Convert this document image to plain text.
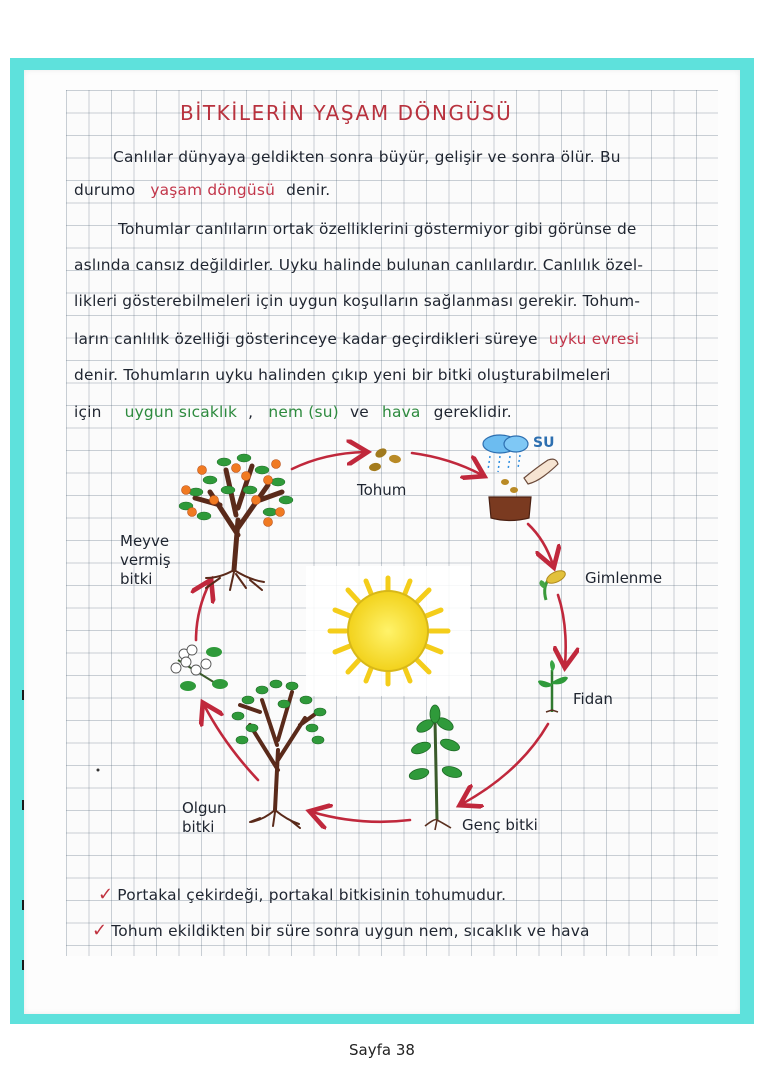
BİTKİLERİN YAŞAM DÖNGÜSÜ
Canlılar dünyaya geldikten sonra büyür, gelişir ve sonra ölür. Bu
durumo yaşam döngüsü denir.
Tohumlar canlıların ortak özelliklerini göstermiyor gibi görünse de
aslında cansız değildirler. Uyku halinde bulunan canlılardır. Canlılık özel-
likleri gösterebilmeleri için uygun koşulların sağlanması gerekir. Tohum-
ların canlılık özelliği gösterinceye kadar geçirdikleri süreye uyku evresi
denir. Tohumların uyku halinden çıkıp yeni bir bitki oluşturabilmeleri
için uygun sıcaklık , nem (su) ve hava gereklidir.
SU
Tohum
Gimlenme
Fidan
Genç bitki
Olgun
bitki
Meyve
vermiş
bitki
✓ Portakal çekirdeği, portakal bitkisinin tohumudur.
✓ Tohum ekildikten bir süre sonra uygun nem, sıcaklık ve hava
Sayfa 38
